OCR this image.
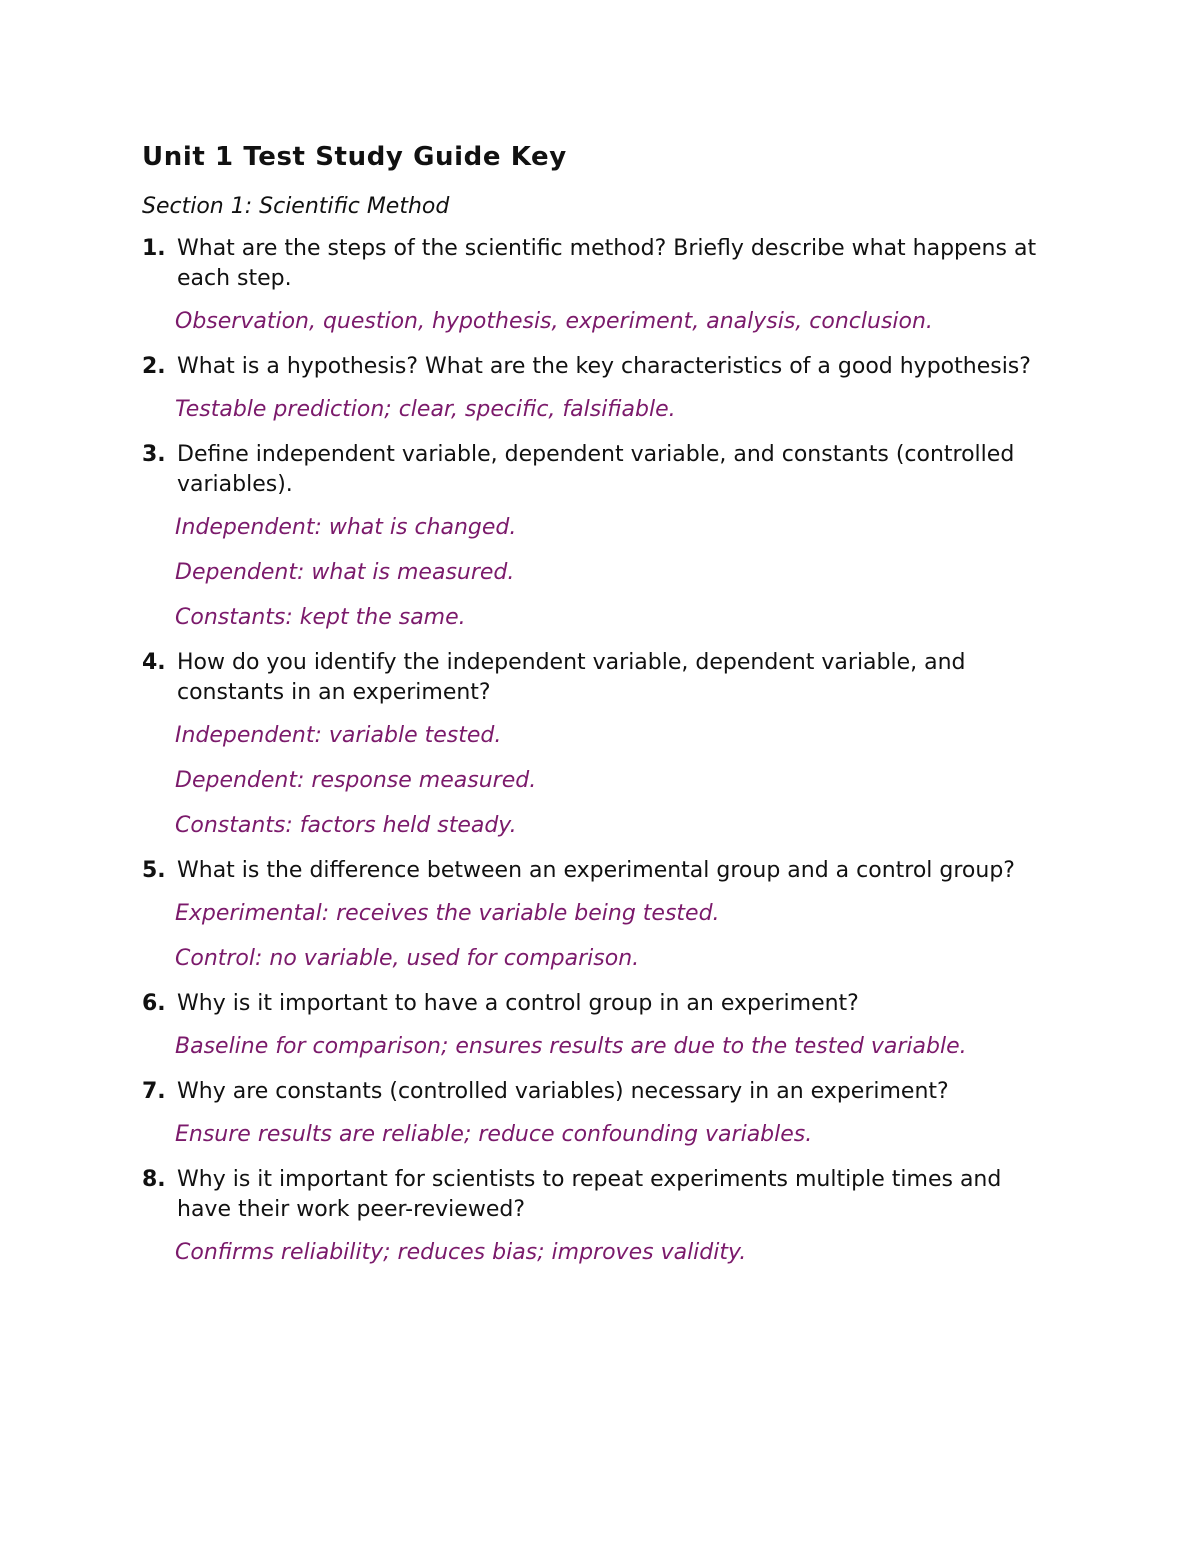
Unit 1 Test Study Guide Key
Section 1: Scientific Method
1. What are the steps of the scientific method? Briefly describe what happens at each step.
Observation, question, hypothesis, experiment, analysis, conclusion.
2. What is a hypothesis? What are the key characteristics of a good hypothesis?
Testable prediction; clear, specific, falsifiable.
3. Define independent variable, dependent variable, and constants (controlled variables).
Independent: what is changed.
Dependent: what is measured.
Constants: kept the same.
4. How do you identify the independent variable, dependent variable, and constants in an experiment?
Independent: variable tested.
Dependent: response measured.
Constants: factors held steady.
5. What is the difference between an experimental group and a control group?
Experimental: receives the variable being tested.
Control: no variable, used for comparison.
6. Why is it important to have a control group in an experiment?
Baseline for comparison; ensures results are due to the tested variable.
7. Why are constants (controlled variables) necessary in an experiment?
Ensure results are reliable; reduce confounding variables.
8. Why is it important for scientists to repeat experiments multiple times and have their work peer-reviewed?
Confirms reliability; reduces bias; improves validity.
